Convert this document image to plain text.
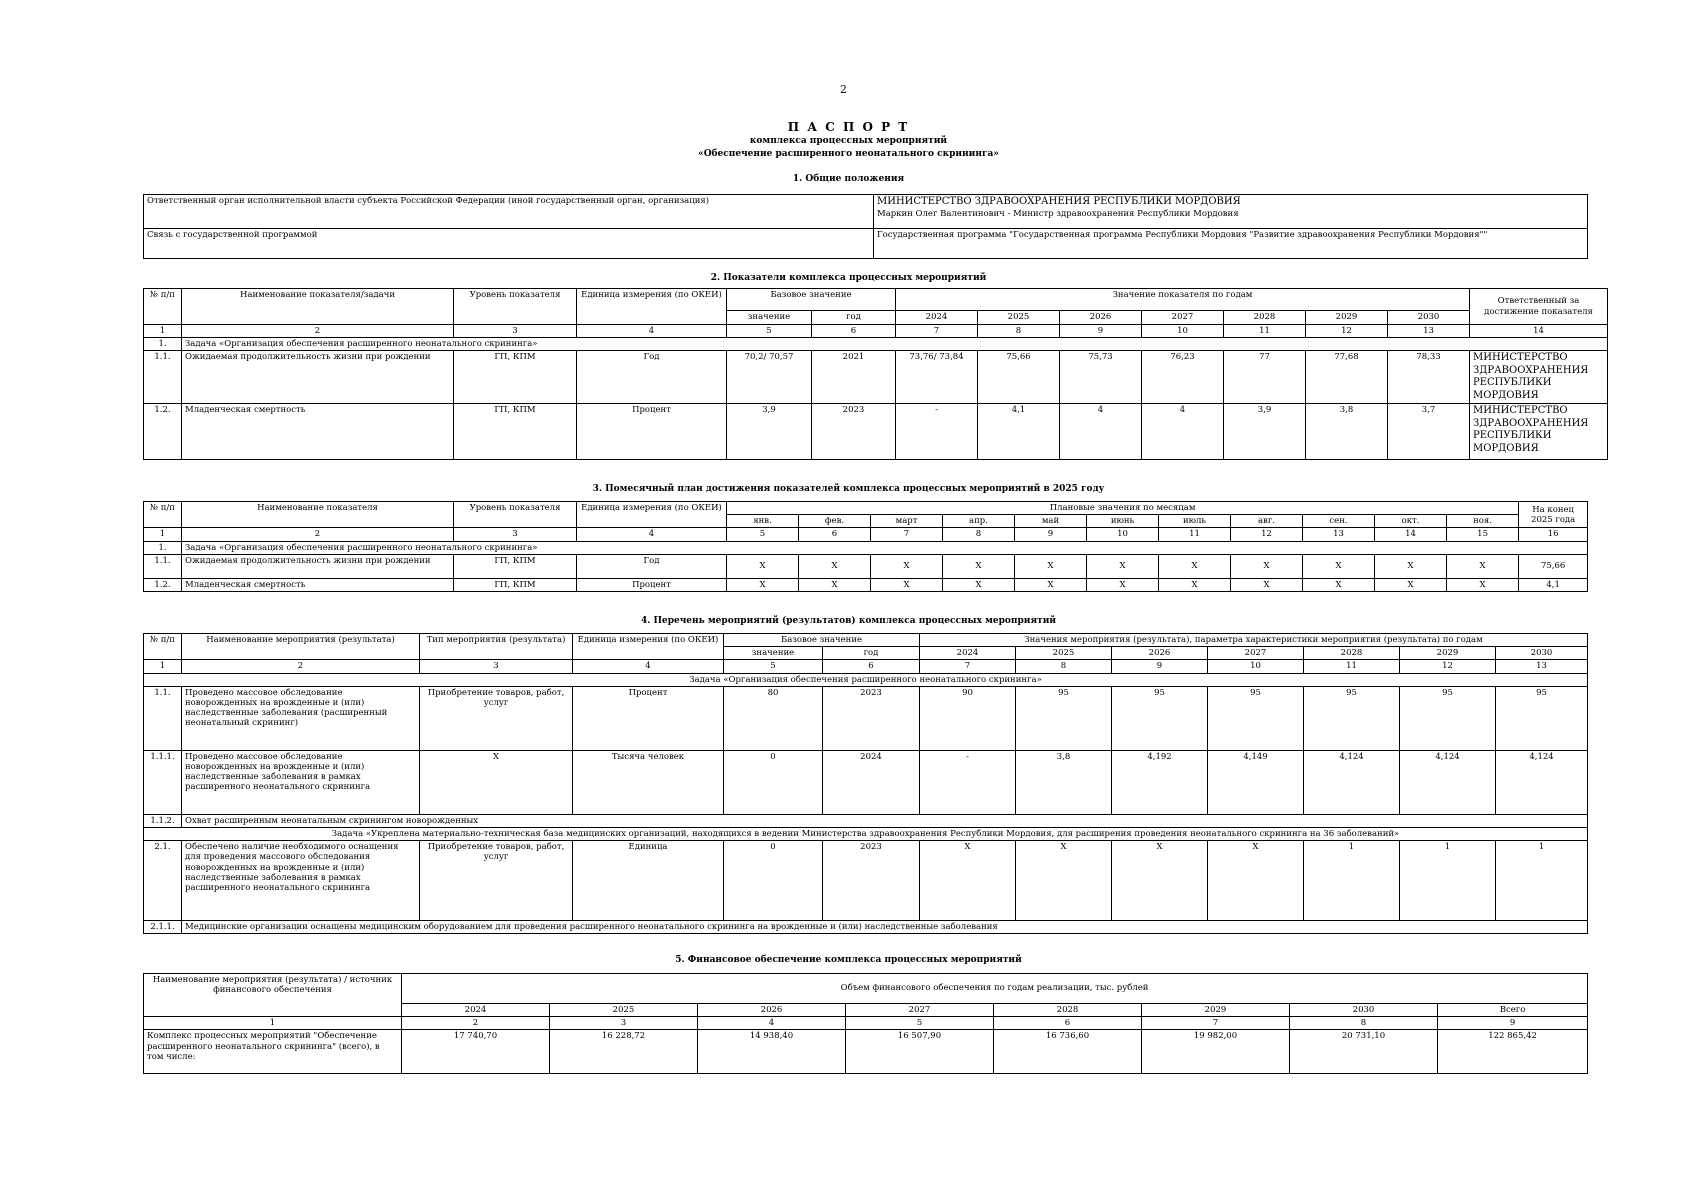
2
П А С П О Р Т
комплекса процессных мероприятий
«Обеспечение расширенного неонатального скрининга»
1. Общие положения
Ответственный орган исполнительной власти субъекта Российской Федерации (иной государственный орган, организация)	МИНИСТЕРСТВО ЗДРАВООХРАНЕНИЯ РЕСПУБЛИКИ МОРДОВИЯ
Маркин Олег Валентинович - Министр здравоохранения Республики Мордовия

Связь с государственной программой	Государственная программа "Государственная программа Республики Мордовия "Развитие здравоохранения Республики Мордовия""
2. Показатели комплекса процессных мероприятий
№ п/п	Наименование показателя/задачи	Уровень показателя	Единица измерения (по ОКЕИ)	Базовое значение		Значение показателя по годам							Ответственный за достижение показателя
				значение	год	2024	2025	2026	2027	2028	2029	2030	
1	2	3	4	5	6	7	8	9	10	11	12	13	14
1.	Задача «Организация обеспечения расширенного неонатального скрининга»												
1.1.	Ожидаемая продолжительность жизни при рождении	ГП, КПМ	Год	70,2/ 70,57	2021	73,76/ 73,84	75,66	75,73	76,23	77	77,68	78,33	МИНИСТЕРСТВО ЗДРАВООХРАНЕНИЯ РЕСПУБЛИКИ МОРДОВИЯ
1.2.	Младенческая смертность	ГП, КПМ	Процент	3,9	2023	-	4,1	4	4	3,9	3,8	3,7	МИНИСТЕРСТВО ЗДРАВООХРАНЕНИЯ РЕСПУБЛИКИ МОРДОВИЯ
3. Помесячный план достижения показателей комплекса процессных мероприятий в 2025 году
№ п/п	Наименование показателя	Уровень показателя	Единица измерения (по ОКЕИ)	Плановые значения по месяцам											На конец 2025 года
				янв.	фев.	март	апр.	май	июнь	июль	авг.	сен.	окт.	ноя.	
1	2	3	4	5	6	7	8	9	10	11	12	13	14	15	16
1.	Задача «Организация обеспечения расширенного неонатального скрининга»														
1.1.	Ожидаемая продолжительность жизни при рождении	ГП, КПМ	Год	X	X	X	X	X	X	X	X	X	X	X	75,66
1.2.	Младенческая смертность	ГП, КПМ	Процент	X	X	X	X	X	X	X	X	X	X	X	4,1
4. Перечень мероприятий (результатов) комплекса процессных мероприятий
№ п/п	Наименование мероприятия (результата)	Тип мероприятия (результата)	Единица измерения (по ОКЕИ)	Базовое значение		Значения мероприятия (результата), параметра характеристики мероприятия (результата) по годам						
				значение	год	2024	2025	2026	2027	2028	2029	2030
1	2	3	4	5	6	7	8	9	10	11	12	13
Задача «Организация обеспечения расширенного неонатального скрининга»												
1.1.	Проведено массовое обследование новорожденных на врожденные и (или) наследственные заболевания (расширенный неонатальный скрининг)	Приобретение товаров, работ, услуг	Процент	80	2023	90	95	95	95	95	95	95
1.1.1.	Проведено массовое обследование новорожденных на врожденные и (или) наследственные заболевания в рамках расширенного неонатального скрининга	X	Тысяча человек	0	2024	-	3,8	4,192	4,149	4,124	4,124	4,124
1.1.2.	Охват расширенным неонатальным скринингом новорожденных											
Задача «Укреплена материально-техническая база медицинских организаций, находящихся в ведении Министерства здравоохранения Республики Мордовия, для расширения проведения неонатального скрининга на 36 заболеваний»												
2.1.	Обеспечено наличие необходимого оснащения для проведения массового обследования новорожденных на врожденные и (или) наследственные заболевания в рамках расширенного неонатального скрининга	Приобретение товаров, работ, услуг	Единица	0	2023	X	X	X	X	1	1	1
2.1.1.	Медицинские организации оснащены медицинским оборудованием для проведения расширенного неонатального скрининга на врожденные и (или) наследственные заболевания											
5. Финансовое обеспечение комплекса процессных мероприятий
Наименование мероприятия (результата) / источник финансового обеспечения	Объем финансового обеспечения по годам реализации, тыс. рублей							
	2024	2025	2026	2027	2028	2029	2030	Всего
1	2	3	4	5	6	7	8	9
Комплекс процессных мероприятий "Обеспечение расширенного неонатального скрининга" (всего), в том числе:	17 740,70	16 228,72	14 938,40	16 507,90	16 736,60	19 982,00	20 731,10	122 865,42
